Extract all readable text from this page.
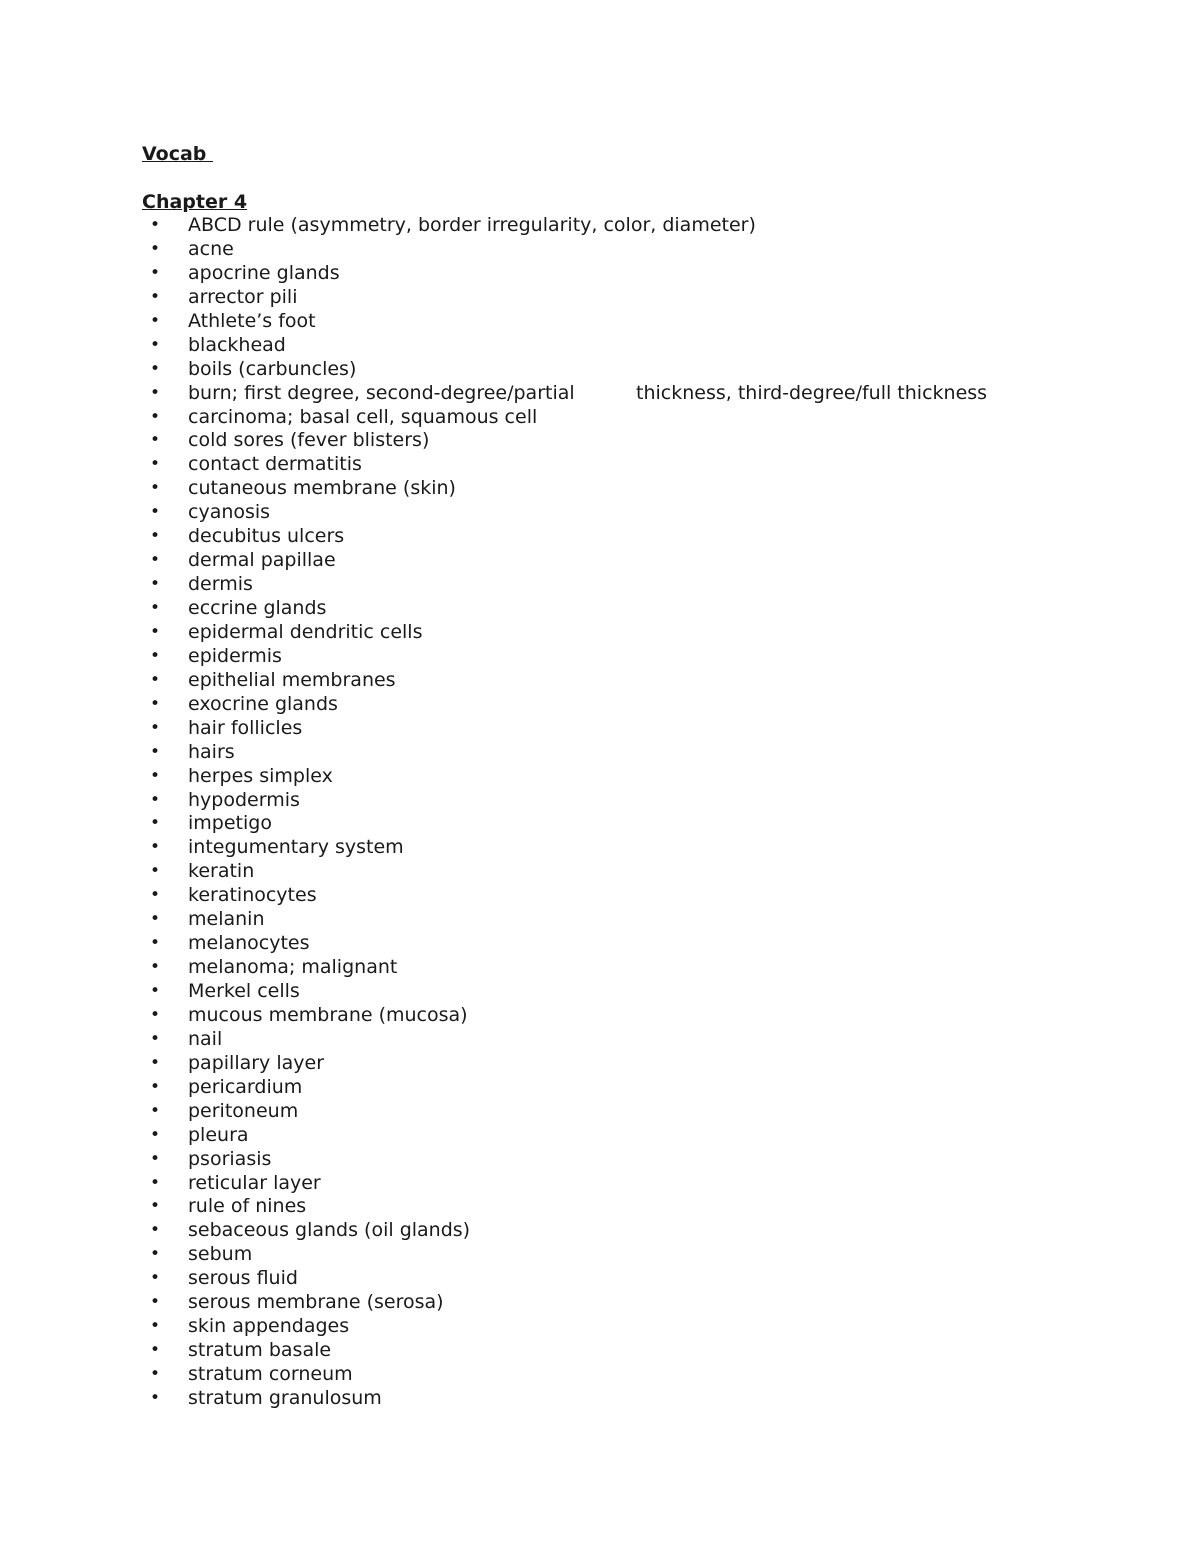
Vocab
Chapter 4
• ABCD rule (asymmetry, border irregularity, color, diameter)
• acne
• apocrine glands
• arrector pili
• Athlete’s foot
• blackhead
• boils (carbuncles)
• burn; first degree, second-degree/partial	thickness, third-degree/full thickness
• carcinoma; basal cell, squamous cell
• cold sores (fever blisters)
• contact dermatitis
• cutaneous membrane (skin)
• cyanosis
• decubitus ulcers
• dermal papillae
• dermis
• eccrine glands
• epidermal dendritic cells
• epidermis
• epithelial membranes
• exocrine glands
• hair follicles
• hairs
• herpes simplex
• hypodermis
• impetigo
• integumentary system
• keratin
• keratinocytes
• melanin
• melanocytes
• melanoma; malignant
• Merkel cells
• mucous membrane (mucosa)
• nail
• papillary layer
• pericardium
• peritoneum
• pleura
• psoriasis
• reticular layer
• rule of nines
• sebaceous glands (oil glands)
• sebum
• serous fluid
• serous membrane (serosa)
• skin appendages
• stratum basale
• stratum corneum
• stratum granulosum
